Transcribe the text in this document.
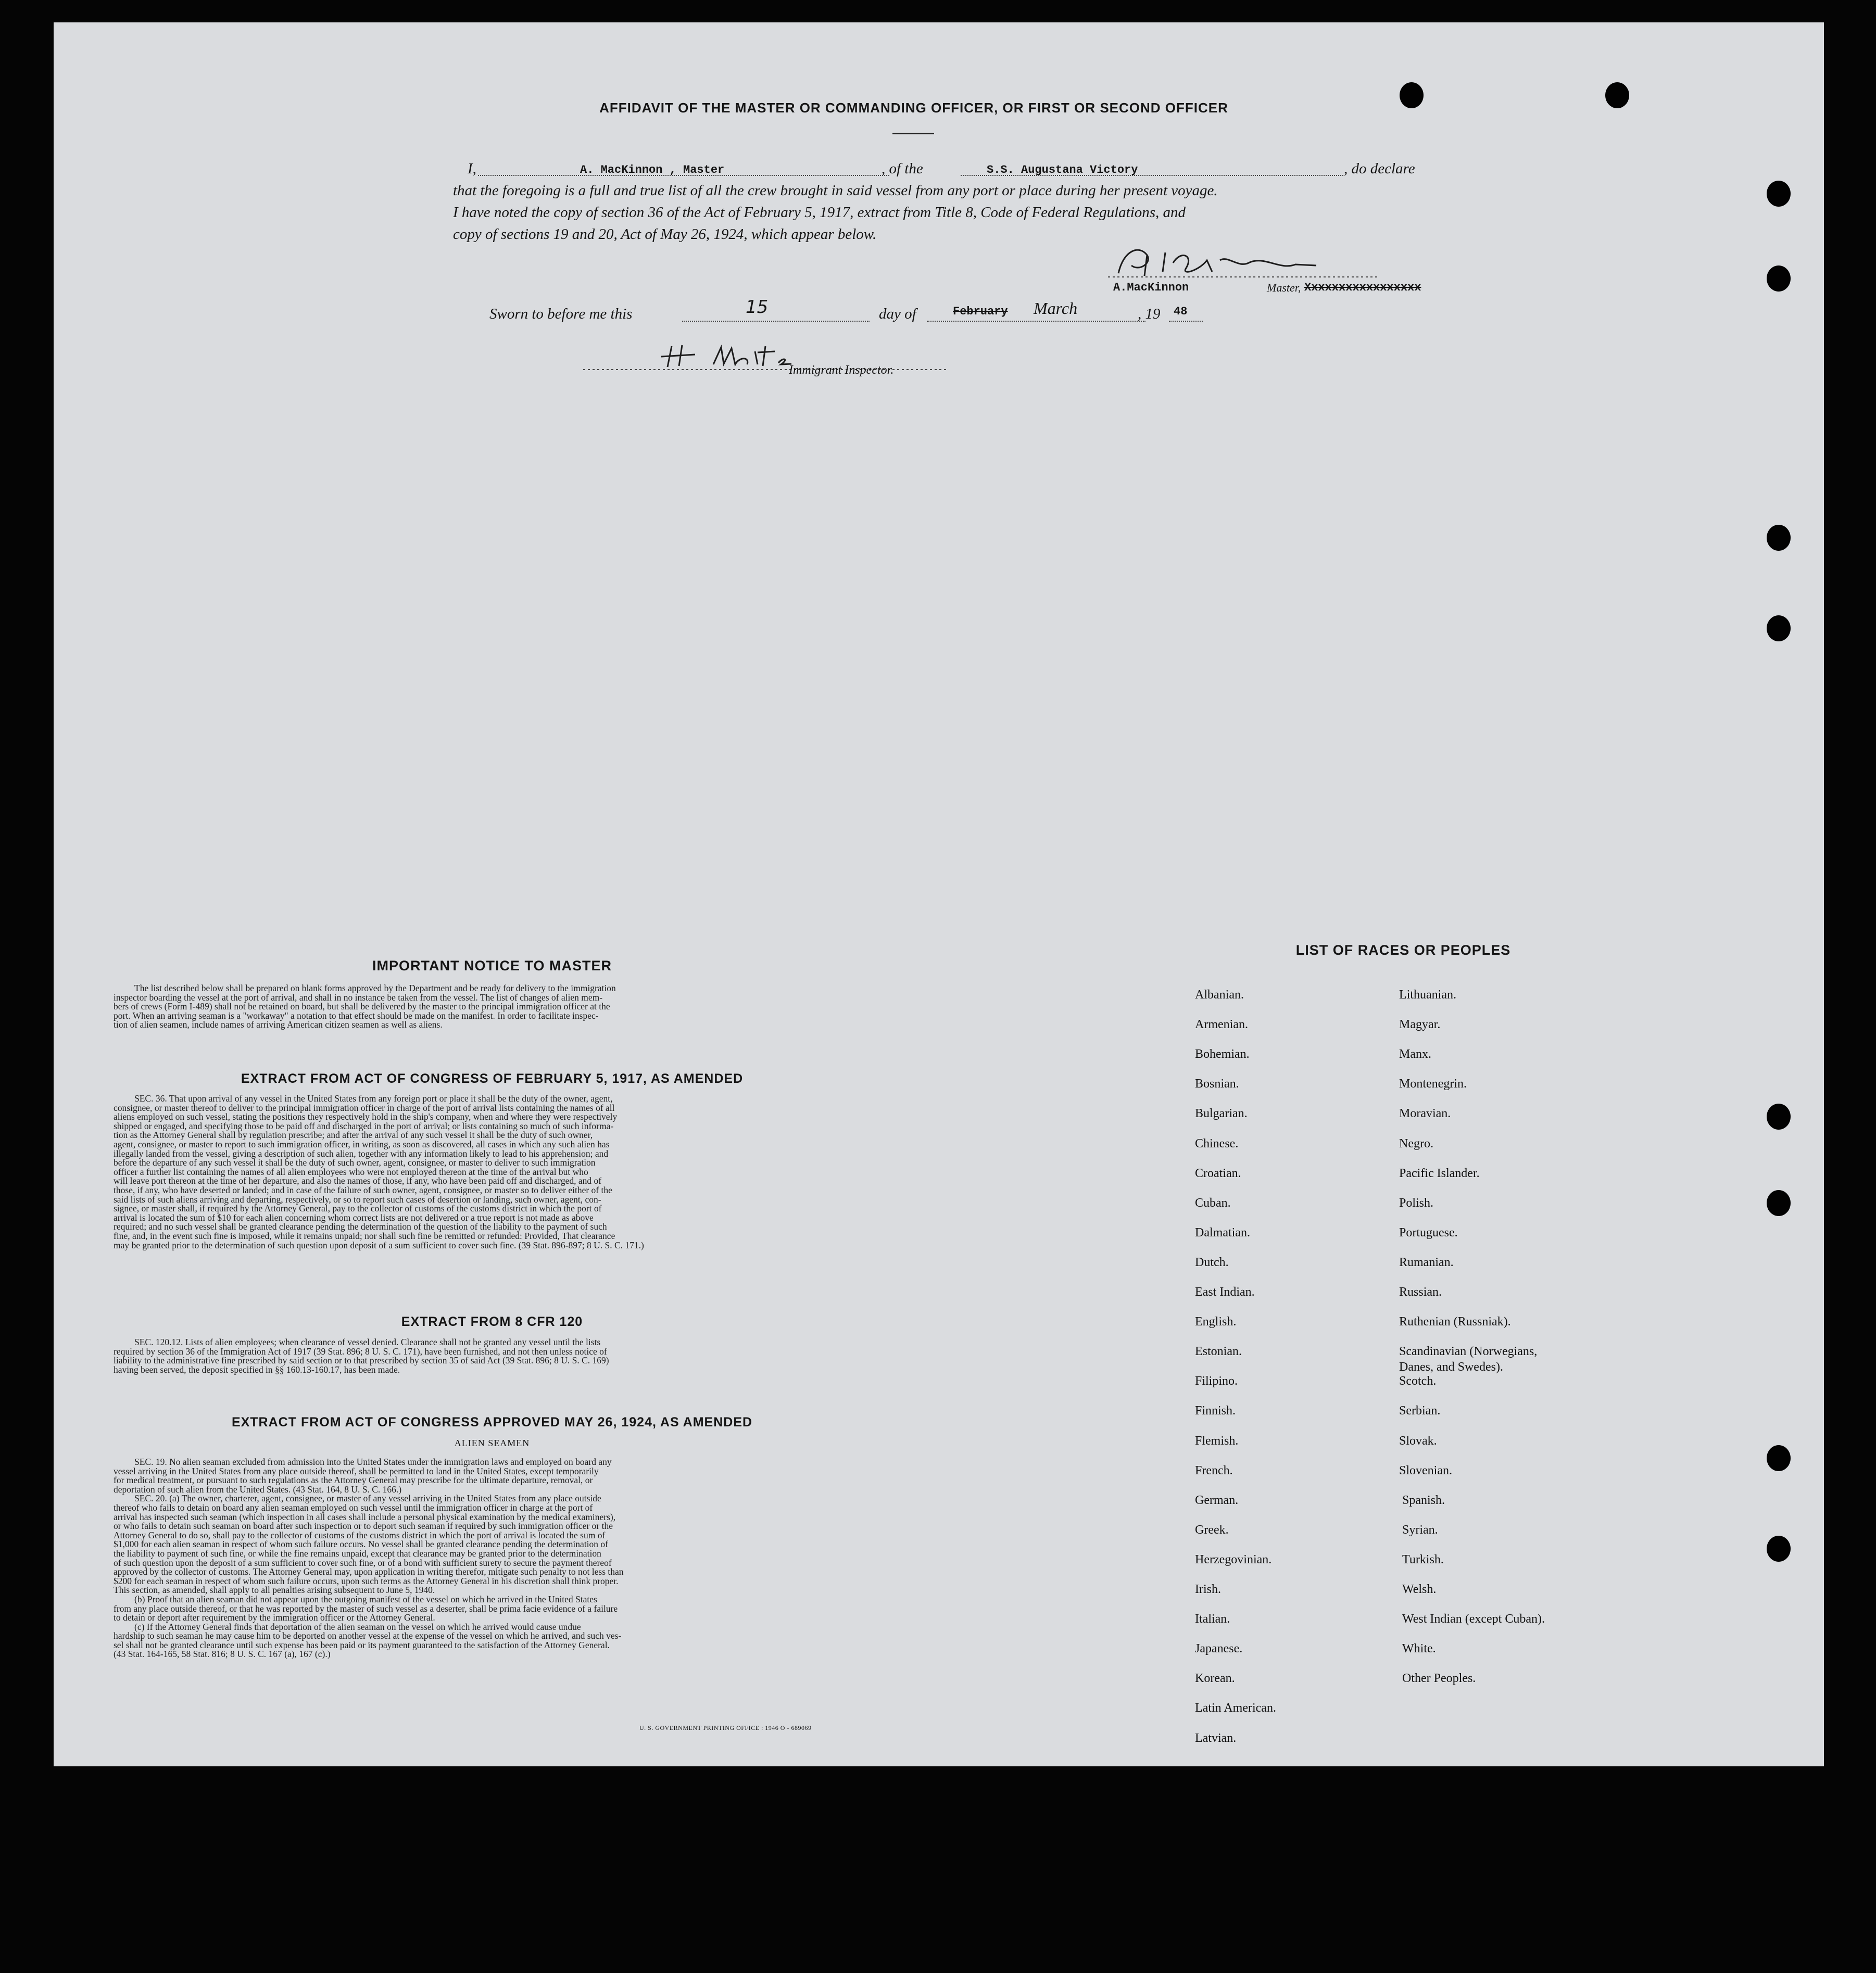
AFFIDAVIT OF THE MASTER OR COMMANDING OFFICER, OR FIRST OR SECOND OFFICER
I,	A. MacKinnon , Master	, of the	S.S. Augustana Victory	, do declare
that the foregoing is a full and true list of all the crew brought in said vessel from any port or place during her present voyage.
I have noted the copy of section 36 of the Act of February 5, 1917, extract from Title 8, Code of Federal Regulations, and
copy of sections 19 and 20, Act of May 26, 1924, which appear below.
A.MacKinnon	Master, Xxxxxxxxxxxxxxxxx
Sworn to before me this	15	day of	February March	, 19 48
Immigrant Inspector.
IMPORTANT NOTICE TO MASTER
The list described below shall be prepared on blank forms approved by the Department and be ready for delivery to the immigration
inspector boarding the vessel at the port of arrival, and shall in no instance be taken from the vessel. The list of changes of alien mem-
bers of crews (Form I-489) shall not be retained on board, but shall be delivered by the master to the principal immigration officer at the
port. When an arriving seaman is a "workaway" a notation to that effect should be made on the manifest. In order to facilitate inspec-
tion of alien seamen, include names of arriving American citizen seamen as well as aliens.
EXTRACT FROM ACT OF CONGRESS OF FEBRUARY 5, 1917, AS AMENDED
SEC. 36. That upon arrival of any vessel in the United States from any foreign port or place it shall be the duty of the owner, agent,
consignee, or master thereof to deliver to the principal immigration officer in charge of the port of arrival lists containing the names of all
aliens employed on such vessel, stating the positions they respectively hold in the ship's company, when and where they were respectively
shipped or engaged, and specifying those to be paid off and discharged in the port of arrival; or lists containing so much of such informa-
tion as the Attorney General shall by regulation prescribe; and after the arrival of any such vessel it shall be the duty of such owner,
agent, consignee, or master to report to such immigration officer, in writing, as soon as discovered, all cases in which any such alien has
illegally landed from the vessel, giving a description of such alien, together with any information likely to lead to his apprehension; and
before the departure of any such vessel it shall be the duty of such owner, agent, consignee, or master to deliver to such immigration
officer a further list containing the names of all alien employees who were not employed thereon at the time of the arrival but who
will leave port thereon at the time of her departure, and also the names of those, if any, who have been paid off and discharged, and of
those, if any, who have deserted or landed; and in case of the failure of such owner, agent, consignee, or master so to deliver either of the
said lists of such aliens arriving and departing, respectively, or so to report such cases of desertion or landing, such owner, agent, con-
signee, or master shall, if required by the Attorney General, pay to the collector of customs of the customs district in which the port of
arrival is located the sum of $10 for each alien concerning whom correct lists are not delivered or a true report is not made as above
required; and no such vessel shall be granted clearance pending the determination of the question of the liability to the payment of such
fine, and, in the event such fine is imposed, while it remains unpaid; nor shall such fine be remitted or refunded: Provided, That clearance
may be granted prior to the determination of such question upon deposit of a sum sufficient to cover such fine. (39 Stat. 896-897; 8 U. S. C. 171.)
EXTRACT FROM 8 CFR 120
SEC. 120.12. Lists of alien employees; when clearance of vessel denied. Clearance shall not be granted any vessel until the lists
required by section 36 of the Immigration Act of 1917 (39 Stat. 896; 8 U. S. C. 171), have been furnished, and not then unless notice of
liability to the administrative fine prescribed by said section or to that prescribed by section 35 of said Act (39 Stat. 896; 8 U. S. C. 169)
having been served, the deposit specified in §§ 160.13-160.17, has been made.
EXTRACT FROM ACT OF CONGRESS APPROVED MAY 26, 1924, AS AMENDED
ALIEN SEAMEN
SEC. 19. No alien seaman excluded from admission into the United States under the immigration laws and employed on board any
vessel arriving in the United States from any place outside thereof, shall be permitted to land in the United States, except temporarily
for medical treatment, or pursuant to such regulations as the Attorney General may prescribe for the ultimate departure, removal, or
deportation of such alien from the United States. (43 Stat. 164, 8 U. S. C. 166.)
SEC. 20. (a) The owner, charterer, agent, consignee, or master of any vessel arriving in the United States from any place outside
thereof who fails to detain on board any alien seaman employed on such vessel until the immigration officer in charge at the port of
arrival has inspected such seaman (which inspection in all cases shall include a personal physical examination by the medical examiners),
or who fails to detain such seaman on board after such inspection or to deport such seaman if required by such immigration officer or the
Attorney General to do so, shall pay to the collector of customs of the customs district in which the port of arrival is located the sum of
$1,000 for each alien seaman in respect of whom such failure occurs. No vessel shall be granted clearance pending the determination of
the liability to payment of such fine, or while the fine remains unpaid, except that clearance may be granted prior to the determination
of such question upon the deposit of a sum sufficient to cover such fine, or of a bond with sufficient surety to secure the payment thereof
approved by the collector of customs. The Attorney General may, upon application in writing therefor, mitigate such penalty to not less than
$200 for each seaman in respect of whom such failure occurs, upon such terms as the Attorney General in his discretion shall think proper.
This section, as amended, shall apply to all penalties arising subsequent to June 5, 1940.
(b) Proof that an alien seaman did not appear upon the outgoing manifest of the vessel on which he arrived in the United States
from any place outside thereof, or that he was reported by the master of such vessel as a deserter, shall be prima facie evidence of a failure
to detain or deport after requirement by the immigration officer or the Attorney General.
(c) If the Attorney General finds that deportation of the alien seaman on the vessel on which he arrived would cause undue
hardship to such seaman he may cause him to be deported on another vessel at the expense of the vessel on which he arrived, and such ves-
sel shall not be granted clearance until such expense has been paid or its payment guaranteed to the satisfaction of the Attorney General.
(43 Stat. 164-165, 58 Stat. 816; 8 U. S. C. 167 (a), 167 (c).)
U. S. GOVERNMENT PRINTING OFFICE : 1946 O - 689069
LIST OF RACES OR PEOPLES
Albanian.
Armenian.
Bohemian.
Bosnian.
Bulgarian.
Chinese.
Croatian.
Cuban.
Dalmatian.
Dutch.
East Indian.
English.
Estonian.
Filipino.
Finnish.
Flemish.
French.
German.
Greek.
Herzegovinian.
Irish.
Italian.
Japanese.
Korean.
Latin American.
Latvian.
Lithuanian.
Magyar.
Manx.
Montenegrin.
Moravian.
Negro.
Pacific Islander.
Polish.
Portuguese.
Rumanian.
Russian.
Ruthenian (Russniak).
Scandinavian (Norwegians,
Danes, and Swedes).
Scotch.
Serbian.
Slovak.
Slovenian.
Spanish.
Syrian.
Turkish.
Welsh.
West Indian (except Cuban).
White.
Other Peoples.
